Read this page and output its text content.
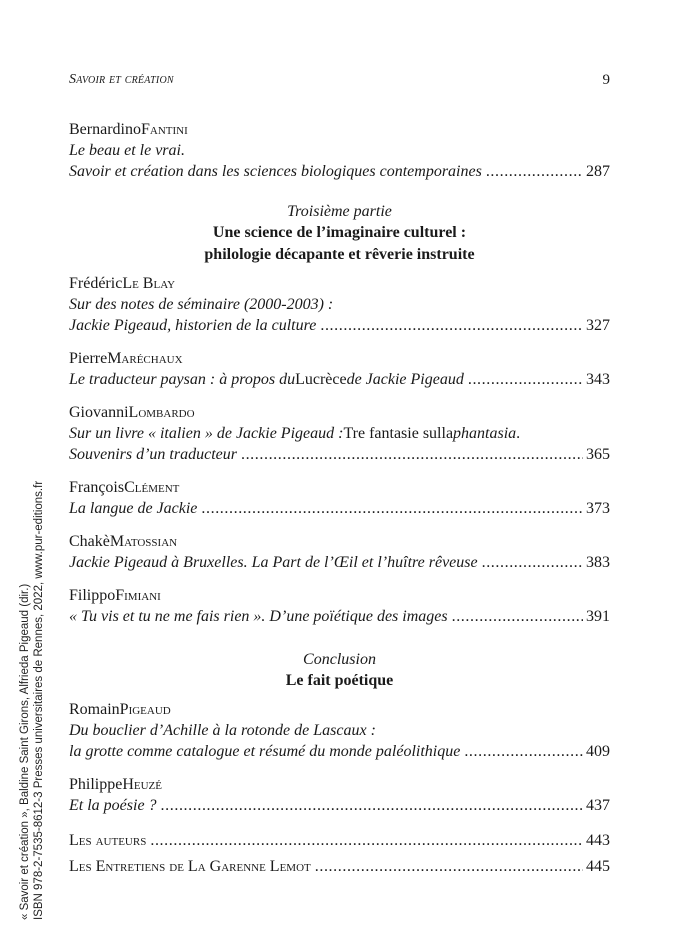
Savoir et création	9
Bernardino Fantini
Le beau et le vrai.
Savoir et création dans les sciences biologiques contemporaines .....	287
Troisième partie
Une science de l’imaginaire culturel :
philologie décapante et rêverie instruite
Frédéric Le Blay
Sur des notes de séminaire (2000-2003) :
Jackie Pigeaud, historien de la culture .....	327
Pierre Maréchaux
Le traducteur paysan : à propos du Lucrèce de Jackie Pigeaud .....	343
Giovanni Lombardo
Sur un livre « italien » de Jackie Pigeaud : Tre fantasie sulla phantasia .
Souvenirs d’un traducteur .....	365
François Clément
La langue de Jackie .....	373
Chakè Matossian
Jackie Pigeaud à Bruxelles. La Part de l’Œil et l’huître rêveuse .....	383
Filippo Fimiani
« Tu vis et tu ne me fais rien ». D’une poïétique des images .....	391
Conclusion
Le fait poétique
Romain Pigeaud
Du bouclier d’Achille à la rotonde de Lascaux :
la grotte comme catalogue et résumé du monde paléolithique .....	409
Philippe Heuzé
Et la poésie ? .....	437
Les auteurs .....	443
Les Entretiens de La Garenne Lemot .....	445
« Savoir et création », Baldine Saint Girons, Alfrieda Pigeaud (dir.) ISBN 978-2-7535-8612-3 Presses universitaires de Rennes, 2022, www.pur-editions.fr
